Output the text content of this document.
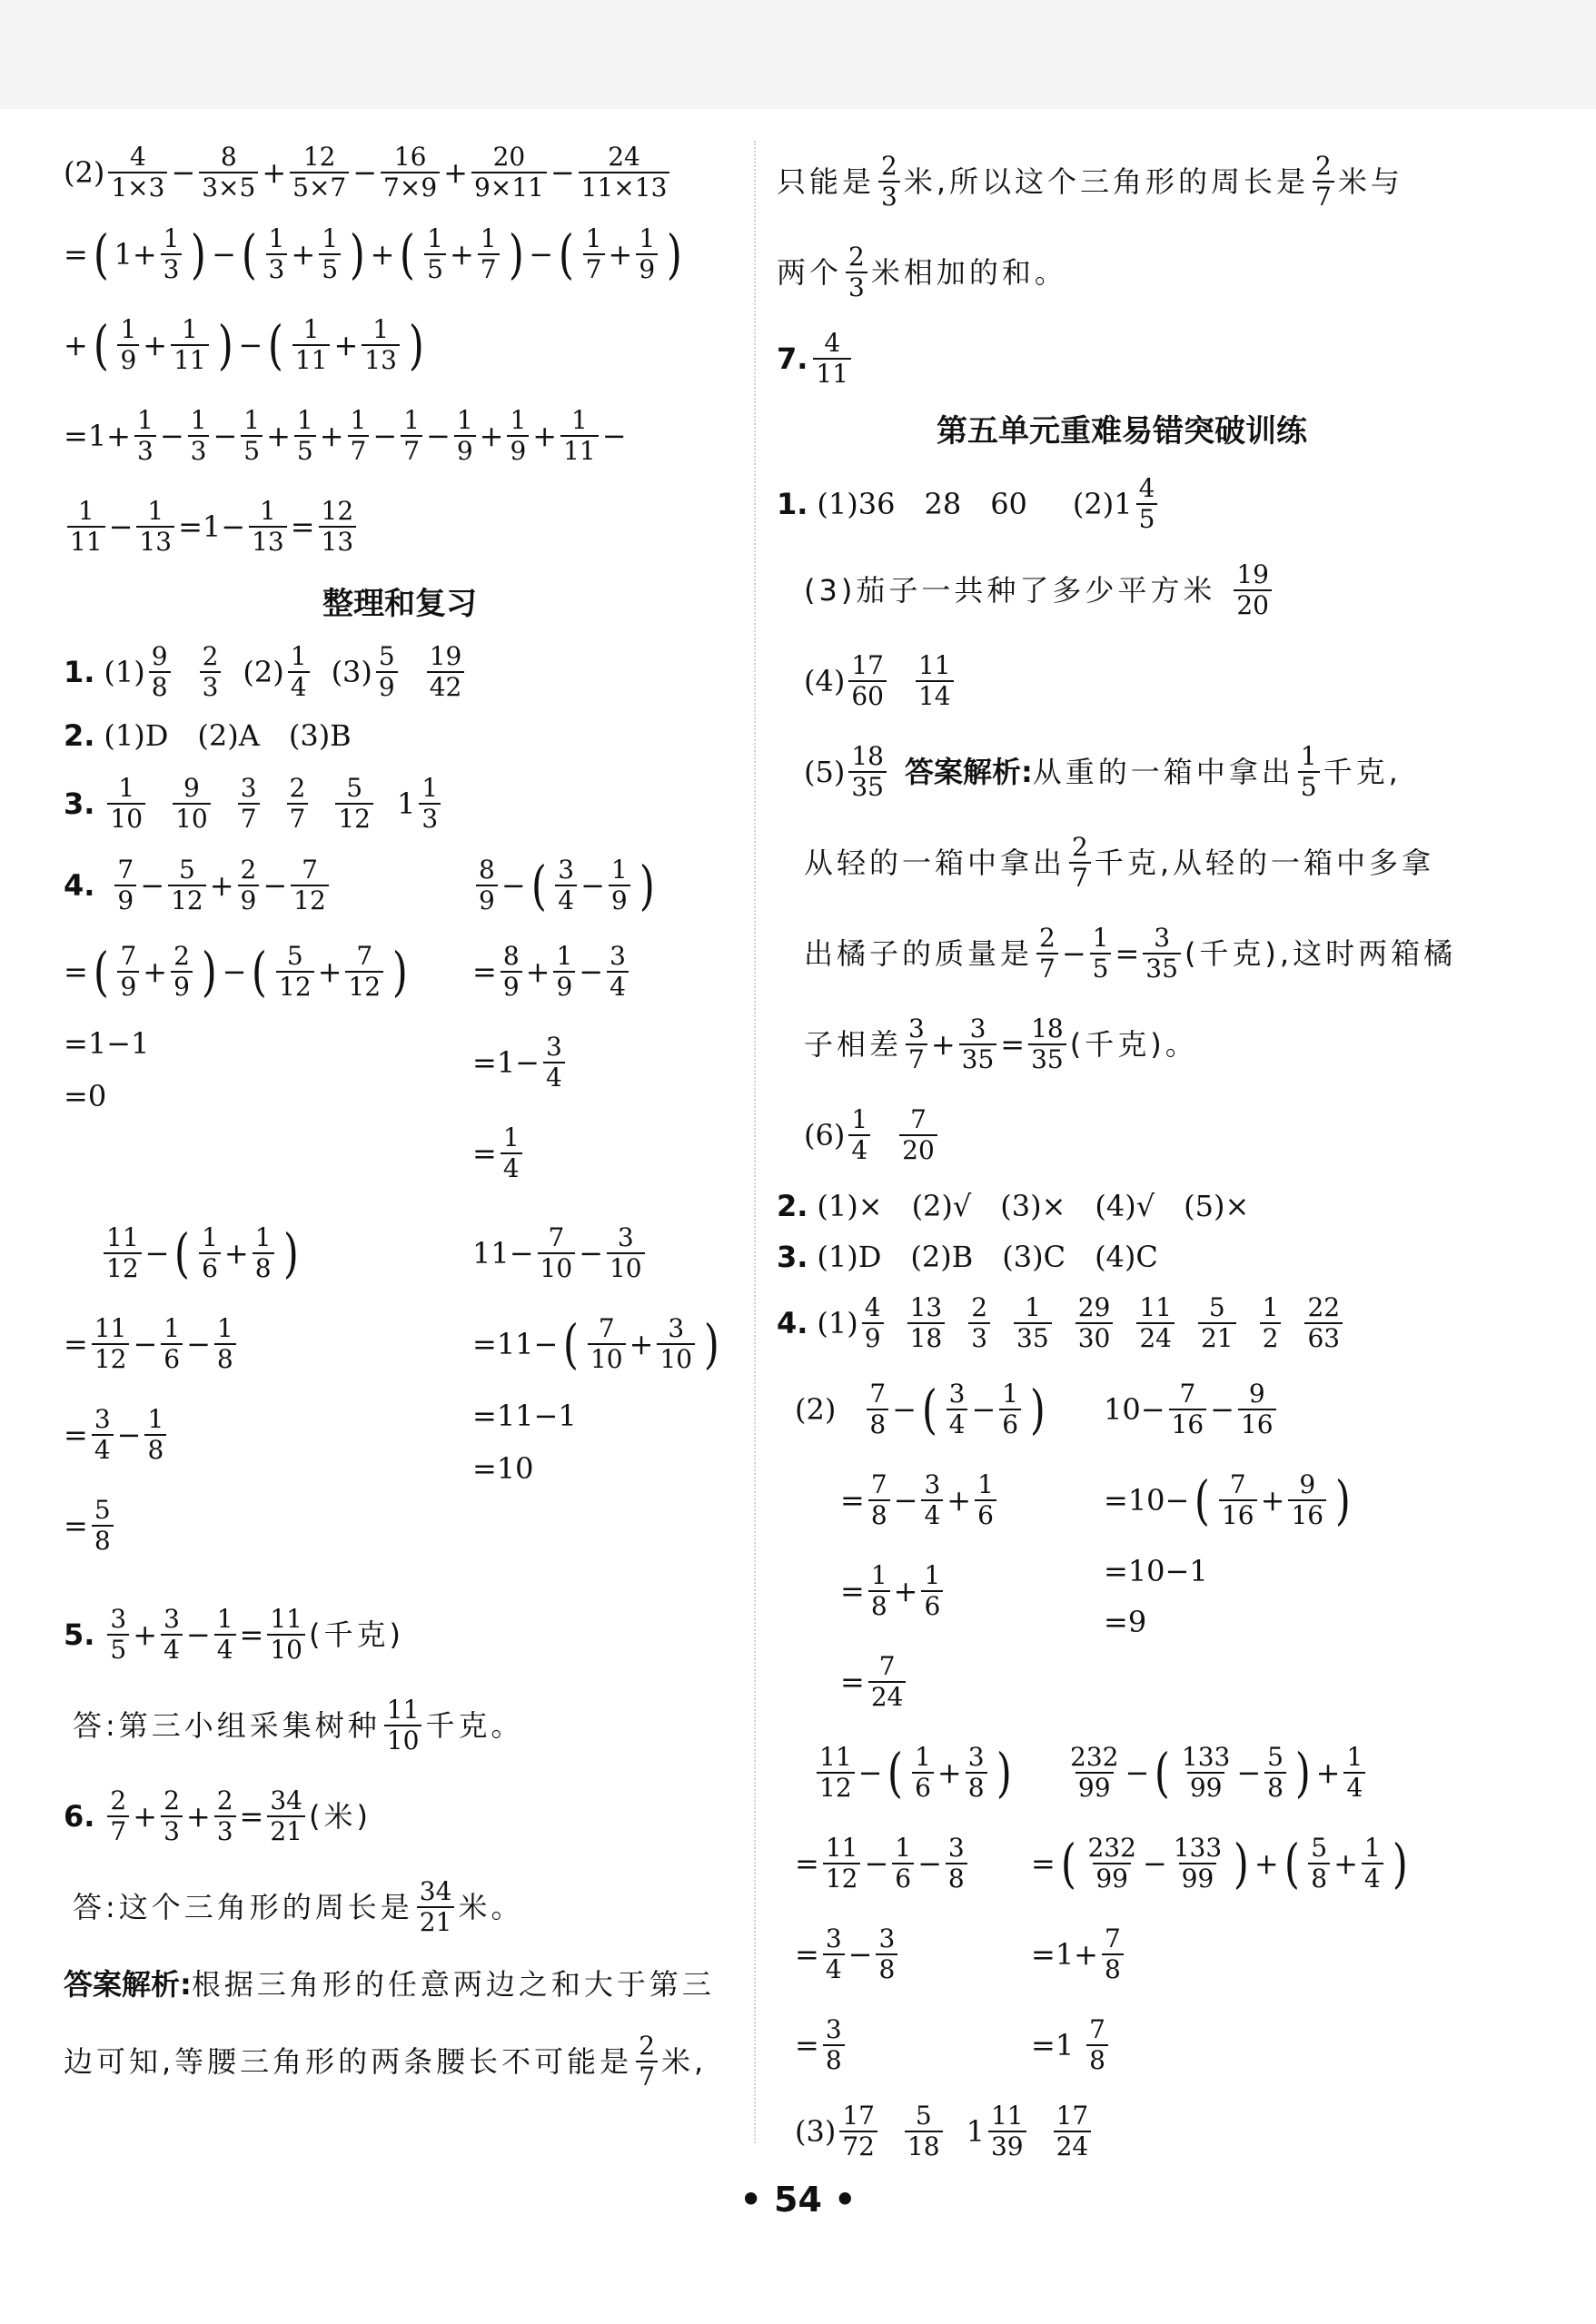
$(2) \frac{4}{1\times 3} - \frac{8}{3\times 5} + \frac{12}{5\times 7} - \frac{16}{7\times 9} + \frac{20}{9\times 11} - \frac{24}{11\times 13}$
= ( $1+ \frac{1}{3}$ ) − ( $\frac{1}{3} + \frac{1}{5}$ ) + ( $\frac{1}{5} + \frac{1}{7}$ ) − ( $\frac{1}{7} + \frac{1}{9}$ )
+ ( $\frac{1}{9} + \frac{1}{11}$ ) − ( $\frac{1}{11} + \frac{1}{13}$ )
$=1+ \frac{1}{3} - \frac{1}{3} - \frac{1}{5} + \frac{1}{5} + \frac{1}{7} - \frac{1}{7} - \frac{1}{9} + \frac{1}{9} + \frac{1}{11}$ −
$\frac{1}{11} - \frac{1}{13} =1- \frac{1}{13} = \frac{12}{13}$
整理和复习
1. $(1) \frac{9}{8} \frac{2}{3} (2) \frac{1}{4} (3) \frac{5}{9} \frac{19}{42}$
2. (1)D　(2)A　(3)B
3. $\frac{1}{10} \frac{9}{10} \frac{3}{7} \frac{2}{7} \frac{5}{12} 1 \frac{1}{3}$
4. $\frac{7}{9} - \frac{5}{12} + \frac{2}{9} - \frac{7}{12}$
= ( $\frac{7}{9} + \frac{2}{9}$ ) − ( $\frac{5}{12} + \frac{7}{12}$ )
=1−1
=0
$\frac{8}{9}$ − ( $\frac{3}{4} - \frac{1}{9}$ )
= $\frac{8}{9} + \frac{1}{9} - \frac{3}{4}$
$=1- \frac{3}{4}$
= $\frac{1}{4}$
$\frac{11}{12}$ − ( $\frac{1}{6} + \frac{1}{8}$ )
= $\frac{11}{12} - \frac{1}{6} - \frac{1}{8}$
= $\frac{3}{4} - \frac{1}{8}$
= $\frac{5}{8}$
$11 - \frac{7}{10} - \frac{3}{10}$
=11− ( $\frac{7}{10} + \frac{3}{10}$ )
=11−1
=10
5. $\frac{3}{5} + \frac{3}{4} - \frac{1}{4} = \frac{11}{10}$ (千克)
答:第三小组采集树种 $\frac{11}{10}$ 千克。
6. $\frac{2}{7} + \frac{2}{3} + \frac{2}{3} = \frac{34}{21}$ (米)
答:这个三角形的周长是 $\frac{34}{21}$ 米。
答案解析: 根据三角形的任意两边之和大于第三
边可知,等腰三角形的两条腰长不可能是 $\frac{2}{7}$ 米,
只能是 $\frac{2}{3}$ 米,所以这个三角形的周长是 $\frac{2}{7}$ 米与
两个 $\frac{2}{3}$ 米相加的和。
7. $\frac{4}{11}$
第五单元重难易错突破训练
1. (1)36　28　60 (2) $1 \frac{4}{5}$
(3)茄子一共种了多少平方米 $\frac{19}{20}$
$(4) \frac{17}{60} \frac{11}{14}$
$(5) \frac{18}{35}$ 答案解析: 从重的一箱中拿出 $\frac{1}{5}$ 千克,
从轻的一箱中拿出 $\frac{2}{7}$ 千克,从轻的一箱中多拿
出橘子的质量是 $\frac{2}{7} - \frac{1}{5} = \frac{3}{35}$ (千克),这时两箱橘
子相差 $\frac{3}{7} + \frac{3}{35} = \frac{18}{35}$ (千克)。
$(6) \frac{1}{4} \frac{7}{20}$
2. (1)×　(2)√　(3)×　(4)√　(5)×
3. (1)D　(2)B　(3)C　(4)C
4. $(1) \frac{4}{9} \frac{13}{18} \frac{2}{3} \frac{1}{35} \frac{29}{30} \frac{11}{24} \frac{5}{21} \frac{1}{2} \frac{22}{63}$
$(2) \frac{7}{8}$ − ( $\frac{3}{4} - \frac{1}{6}$ )
= $\frac{7}{8} - \frac{3}{4} + \frac{1}{6}$
= $\frac{1}{8} + \frac{1}{6}$
= $\frac{7}{24}$
$10 - \frac{7}{16} - \frac{9}{16}$
=10− ( $\frac{7}{16} + \frac{9}{16}$ )
=10−1
=9
$\frac{11}{12}$ − ( $\frac{1}{6} + \frac{3}{8}$ )
= $\frac{11}{12} - \frac{1}{6} - \frac{3}{8}$
= $\frac{3}{4} - \frac{3}{8}$
= $\frac{3}{8}$
$\frac{232}{99}$ − ( $\frac{133}{99} - \frac{5}{8}$ ) + $\frac{1}{4}$
= ( $\frac{232}{99} - \frac{133}{99}$ ) + ( $\frac{5}{8} + \frac{1}{4}$ )
$=1+ \frac{7}{8}$
$=1 \frac{7}{8}$
$(3) \frac{17}{72} \frac{5}{18} 1 \frac{11}{39} \frac{17}{24}$
• 54 •
